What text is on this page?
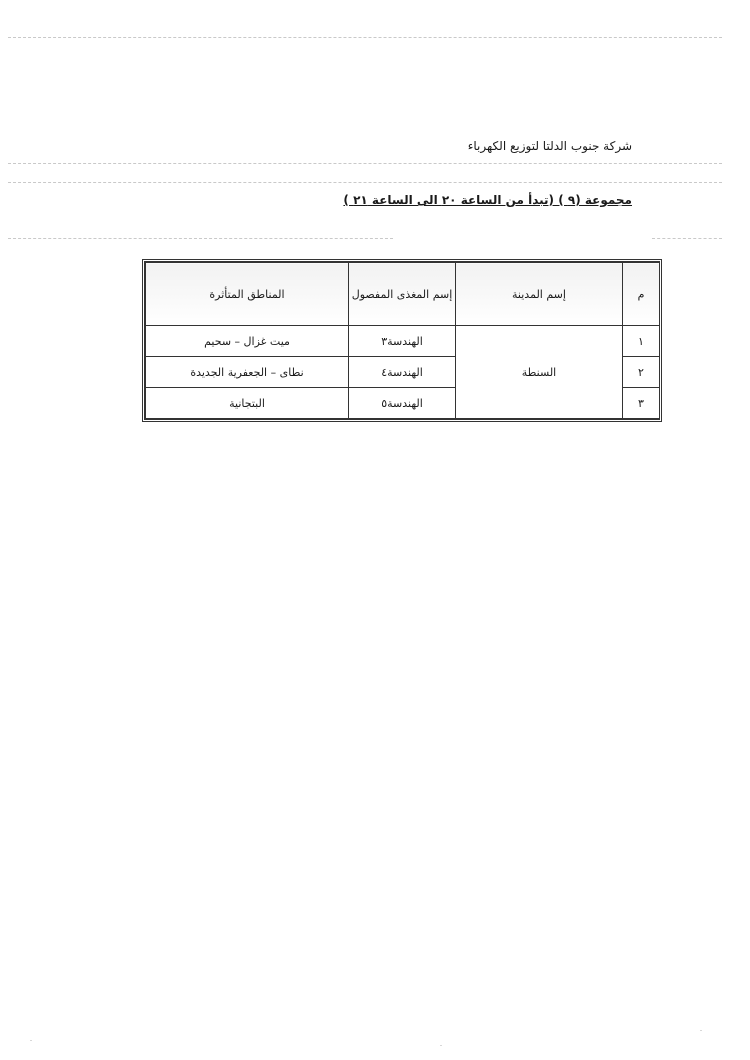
شركة جنوب الدلتا لتوزيع الكهرباء
مجموعة (٩ ) (تبدأ من الساعة ٢٠ الى الساعة ٢١ )
م	إسم المدينة	إسم المغذى المفصول	المناطق المتأثرة
١	السنطة	الهندسة٣	ميت غزال – سحيم
٢		الهندسة٤	نطاى – الجعفرية الجديدة
٣		الهندسة٥	البتجانية
